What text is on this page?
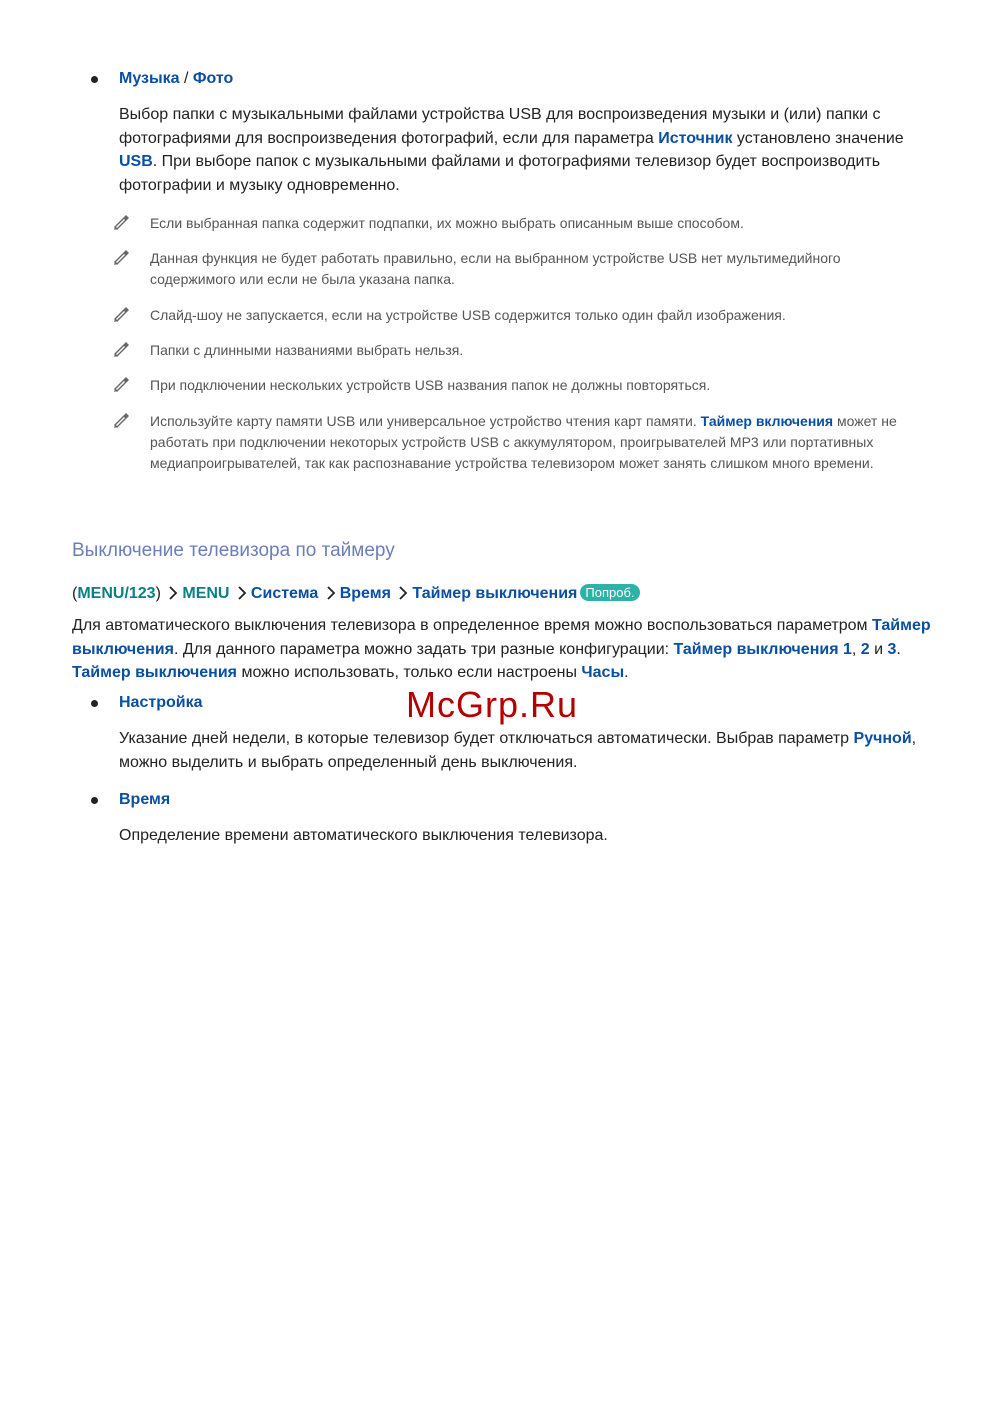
Музыка / Фото
Выбор папки с музыкальными файлами устройства USB для воспроизведения музыки и (или) папки с фотографиями для воспроизведения фотографий, если для параметра Источник установлено значение USB. При выборе папок с музыкальными файлами и фотографиями телевизор будет воспроизводить фотографии и музыку одновременно.
Если выбранная папка содержит подпапки, их можно выбрать описанным выше способом.
Данная функция не будет работать правильно, если на выбранном устройстве USB нет мультимедийного содержимого или если не была указана папка.
Слайд-шоу не запускается, если на устройстве USB содержится только один файл изображения.
Папки с длинными названиями выбрать нельзя.
При подключении нескольких устройств USB названия папок не должны повторяться.
Используйте карту памяти USB или универсальное устройство чтения карт памяти. Таймер включения может не работать при подключении некоторых устройств USB с аккумулятором, проигрывателей MP3 или портативных медиапроигрывателей, так как распознавание устройства телевизором может занять слишком много времени.
Выключение телевизора по таймеру
(MENU/123) MENU Система Время Таймер выключения Попроб.
Для автоматического выключения телевизора в определенное время можно воспользоваться параметром Таймер выключения. Для данного параметра можно задать три разные конфигурации: Таймер выключения 1, 2 и 3. Таймер выключения можно использовать, только если настроены Часы.
McGrp.Ru
Настройка
Указание дней недели, в которые телевизор будет отключаться автоматически. Выбрав параметр Ручной, можно выделить и выбрать определенный день выключения.
Время
Определение времени автоматического выключения телевизора.
